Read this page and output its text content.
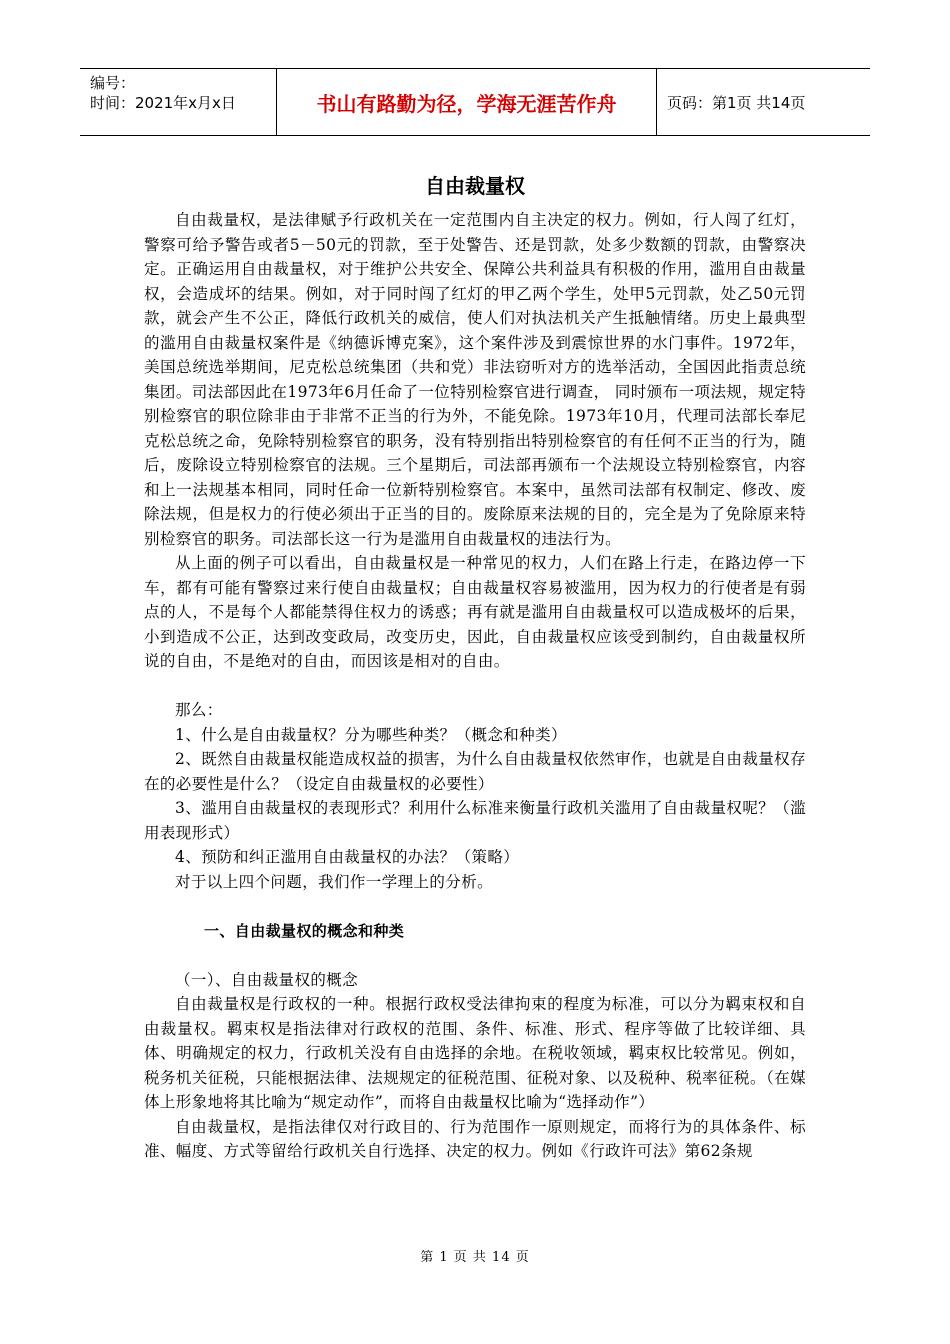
编号：
时间：2021年x月x日	书山有路勤为径，学海无涯苦作舟	页码：第1页 共14页
自由裁量权

自由裁量权，是法律赋予行政机关在一定范围内自主决定的权力。例如，行人闯了红灯，警察可给予警告或者5－50元的罚款，至于处警告、还是罚款，处多少数额的罚款，由警察决定。正确运用自由裁量权，对于维护公共安全、保障公共利益具有积极的作用，滥用自由裁量权，会造成坏的结果。例如，对于同时闯了红灯的甲乙两个学生，处甲5元罚款，处乙50元罚款，就会产生不公正，降低行政机关的威信，使人们对执法机关产生抵触情绪。历史上最典型的滥用自由裁量权案件是《纳德诉博克案》，这个案件涉及到震惊世界的水门事件。1972年，美国总统选举期间，尼克松总统集团（共和党）非法窃听对方的选举活动，全国因此指责总统集团。司法部因此在1973年6月任命了一位特别检察官进行调查， 同时颁布一项法规，规定特别检察官的职位除非由于非常不正当的行为外，不能免除。1973年10月，代理司法部长奉尼克松总统之命，免除特别检察官的职务，没有特别指出特别检察官的有任何不正当的行为，随后，废除设立特别检察官的法规。三个星期后，司法部再颁布一个法规设立特别检察官，内容和上一法规基本相同，同时任命一位新特别检察官。本案中，虽然司法部有权制定、修改、废除法规，但是权力的行使必须出于正当的目的。废除原来法规的目的，完全是为了免除原来特别检察官的职务。司法部长这一行为是滥用自由裁量权的违法行为。

从上面的例子可以看出，自由裁量权是一种常见的权力，人们在路上行走，在路边停一下车，都有可能有警察过来行使自由裁量权；自由裁量权容易被滥用，因为权力的行使者是有弱点的人，不是每个人都能禁得住权力的诱惑；再有就是滥用自由裁量权可以造成极坏的后果，小到造成不公正，达到改变政局，改变历史，因此，自由裁量权应该受到制约，自由裁量权所说的自由，不是绝对的自由，而因该是相对的自由。

那么：

1、什么是自由裁量权？分为哪些种类？（概念和种类）

2、既然自由裁量权能造成权益的损害，为什么自由裁量权依然审作，也就是自由裁量权存在的必要性是什么？（设定自由裁量权的必要性）

3、滥用自由裁量权的表现形式？利用什么标准来衡量行政机关滥用了自由裁量权呢？（滥用表现形式）

4、预防和纠正滥用自由裁量权的办法？（策略）

对于以上四个问题，我们作一学理上的分析。

一、自由裁量权的概念和种类

（一）、自由裁量权的概念

自由裁量权是行政权的一种。根据行政权受法律拘束的程度为标准，可以分为羁束权和自由裁量权。羁束权是指法律对行政权的范围、条件、标准、形式、程序等做了比较详细、具体、明确规定的权力，行政机关没有自由选择的余地。在税收领域，羁束权比较常见。例如，税务机关征税，只能根据法律、法规规定的征税范围、征税对象、以及税种、税率征税。（在媒体上形象地将其比喻为“规定动作”，而将自由裁量权比喻为“选择动作”）

自由裁量权，是指法律仅对行政目的、行为范围作一原则规定，而将行为的具体条件、标准、幅度、方式等留给行政机关自行选择、决定的权力。例如《行政许可法》第62条规

第 1 页 共 14 页
